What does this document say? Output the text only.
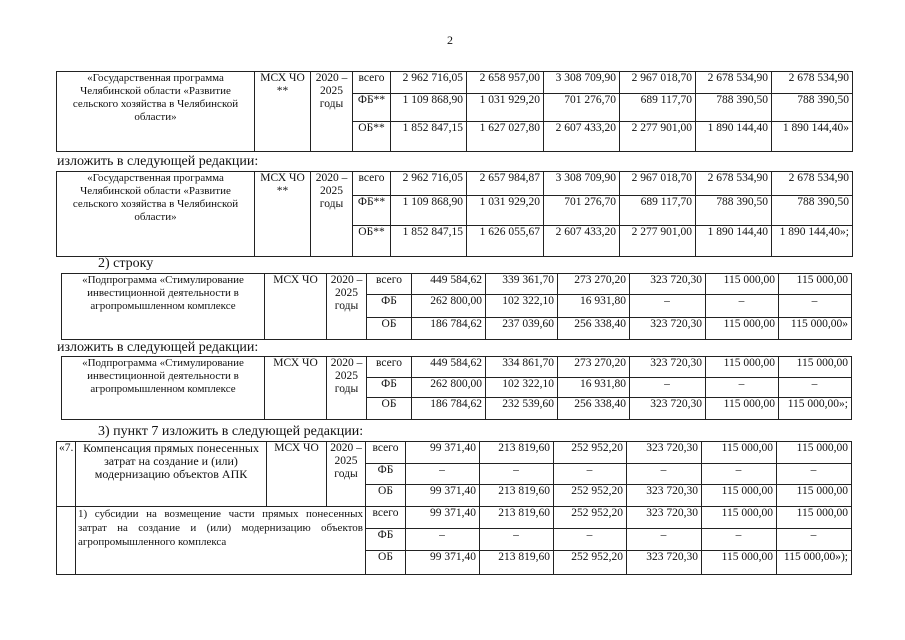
2
«Государственная программа Челябинской области «Развитие сельского хозяйства в Челябинской области»	МСХ ЧО **	2020 – 2025 годы	всего	2 962 716,05	2 658 957,00	3 308 709,90	2 967 018,70	2 678 534,90	2 678 534,90
			ФБ**	1 109 868,90	1 031 929,20	701 276,70	689 117,70	788 390,50	788 390,50
			ОБ**	1 852 847,15	1 627 027,80	2 607 433,20	2 277 901,00	1 890 144,40	1 890 144,40»
изложить в следующей редакции:
«Государственная программа Челябинской области «Развитие сельского хозяйства в Челябинской области»	МСХ ЧО **	2020 – 2025 годы	всего	2 962 716,05	2 657 984,87	3 308 709,90	2 967 018,70	2 678 534,90	2 678 534,90
			ФБ**	1 109 868,90	1 031 929,20	701 276,70	689 117,70	788 390,50	788 390,50
			ОБ**	1 852 847,15	1 626 055,67	2 607 433,20	2 277 901,00	1 890 144,40	1 890 144,40»;
2) строку
«Подпрограмма «Стимулирование инвестиционной деятельности в агропромышленном комплексе	МСХ ЧО	2020 – 2025 годы	всего	449 584,62	339 361,70	273 270,20	323 720,30	115 000,00	115 000,00
			ФБ	262 800,00	102 322,10	16 931,80	–	–	–
			ОБ	186 784,62	237 039,60	256 338,40	323 720,30	115 000,00	115 000,00»
изложить в следующей редакции:
«Подпрограмма «Стимулирование инвестиционной деятельности в агропромышленном комплексе	МСХ ЧО	2020 – 2025 годы	всего	449 584,62	334 861,70	273 270,20	323 720,30	115 000,00	115 000,00
			ФБ	262 800,00	102 322,10	16 931,80	–	–	–
			ОБ	186 784,62	232 539,60	256 338,40	323 720,30	115 000,00	115 000,00»;
3) пункт 7 изложить в следующей редакции:
«7.	Компенсация прямых понесенных затрат на создание и (или) модернизацию объектов АПК	МСХ ЧО	2020 – 2025 годы	всего	99 371,40	213 819,60	252 952,20	323 720,30	115 000,00	115 000,00
				ФБ	–	–	–	–	–	–
				ОБ	99 371,40	213 819,60	252 952,20	323 720,30	115 000,00	115 000,00
	1) субсидии на возмещение части прямых понесенных затрат на создание и (или) модернизацию объектов агропромышленного комплекса			всего	99 371,40	213 819,60	252 952,20	323 720,30	115 000,00	115 000,00
				ФБ	–	–	–	–	–	–
				ОБ	99 371,40	213 819,60	252 952,20	323 720,30	115 000,00	115 000,00»);
